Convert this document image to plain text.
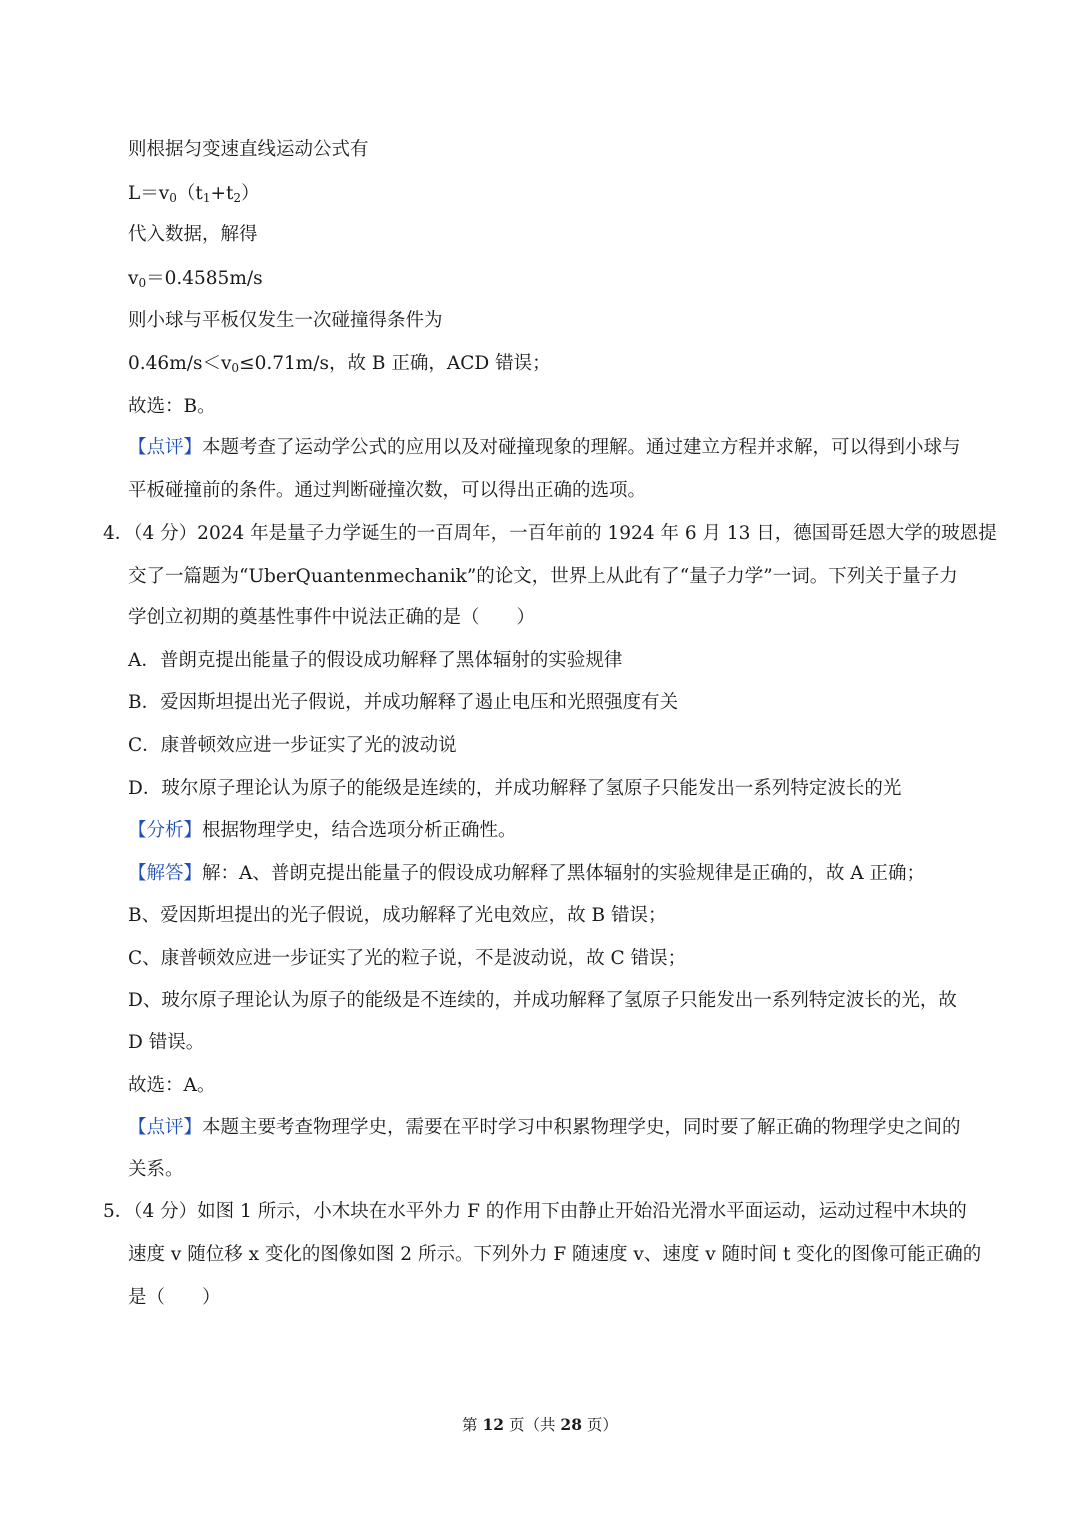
则根据匀变速直线运动公式有
$L=v_0(t_1+t_2)$
代入数据，解得
$v_0=0.4585m/s$
则小球与平板仅发生一次碰撞得条件为
$0.46m/s<v_0\le 0.71m/s$，故 B 正确，ACD 错误；
故选：B。
【点评】本题考查了运动学公式的应用以及对碰撞现象的理解。通过建立方程并求解，可以得到小球与
平板碰撞前的条件。通过判断碰撞次数，可以得出正确的选项。
4．（4 分）2024 年是量子力学诞生的一百周年，一百年前的 1924 年 6 月 13 日，德国哥廷恩大学的玻恩提
交了一篇题为“UberQuantenmechanik”的论文，世界上从此有了“量子力学”一词。下列关于量子力
学创立初期的奠基性事件中说法正确的是（　　）
A．普朗克提出能量子的假设成功解释了黑体辐射的实验规律
B．爱因斯坦提出光子假说，并成功解释了遏止电压和光照强度有关
C．康普顿效应进一步证实了光的波动说
D．玻尔原子理论认为原子的能级是连续的，并成功解释了氢原子只能发出一系列特定波长的光
【分析】根据物理学史，结合选项分析正确性。
【解答】解：A、普朗克提出能量子的假设成功解释了黑体辐射的实验规律是正确的，故 A 正确；
B、爱因斯坦提出的光子假说，成功解释了光电效应，故 B 错误；
C、康普顿效应进一步证实了光的粒子说，不是波动说，故 C 错误；
D、玻尔原子理论认为原子的能级是不连续的，并成功解释了氢原子只能发出一系列特定波长的光，故
D 错误。
故选：A。
【点评】本题主要考查物理学史，需要在平时学习中积累物理学史，同时要了解正确的物理学史之间的
关系。
5．（4 分）如图 1 所示，小木块在水平外力 F 的作用下由静止开始沿光滑水平面运动，运动过程中木块的
速度 v 随位移 x 变化的图像如图 2 所示。下列外力 F 随速度 v、速度 v 随时间 t 变化的图像可能正确的
是（　　）
第 12 页（共 28 页）
